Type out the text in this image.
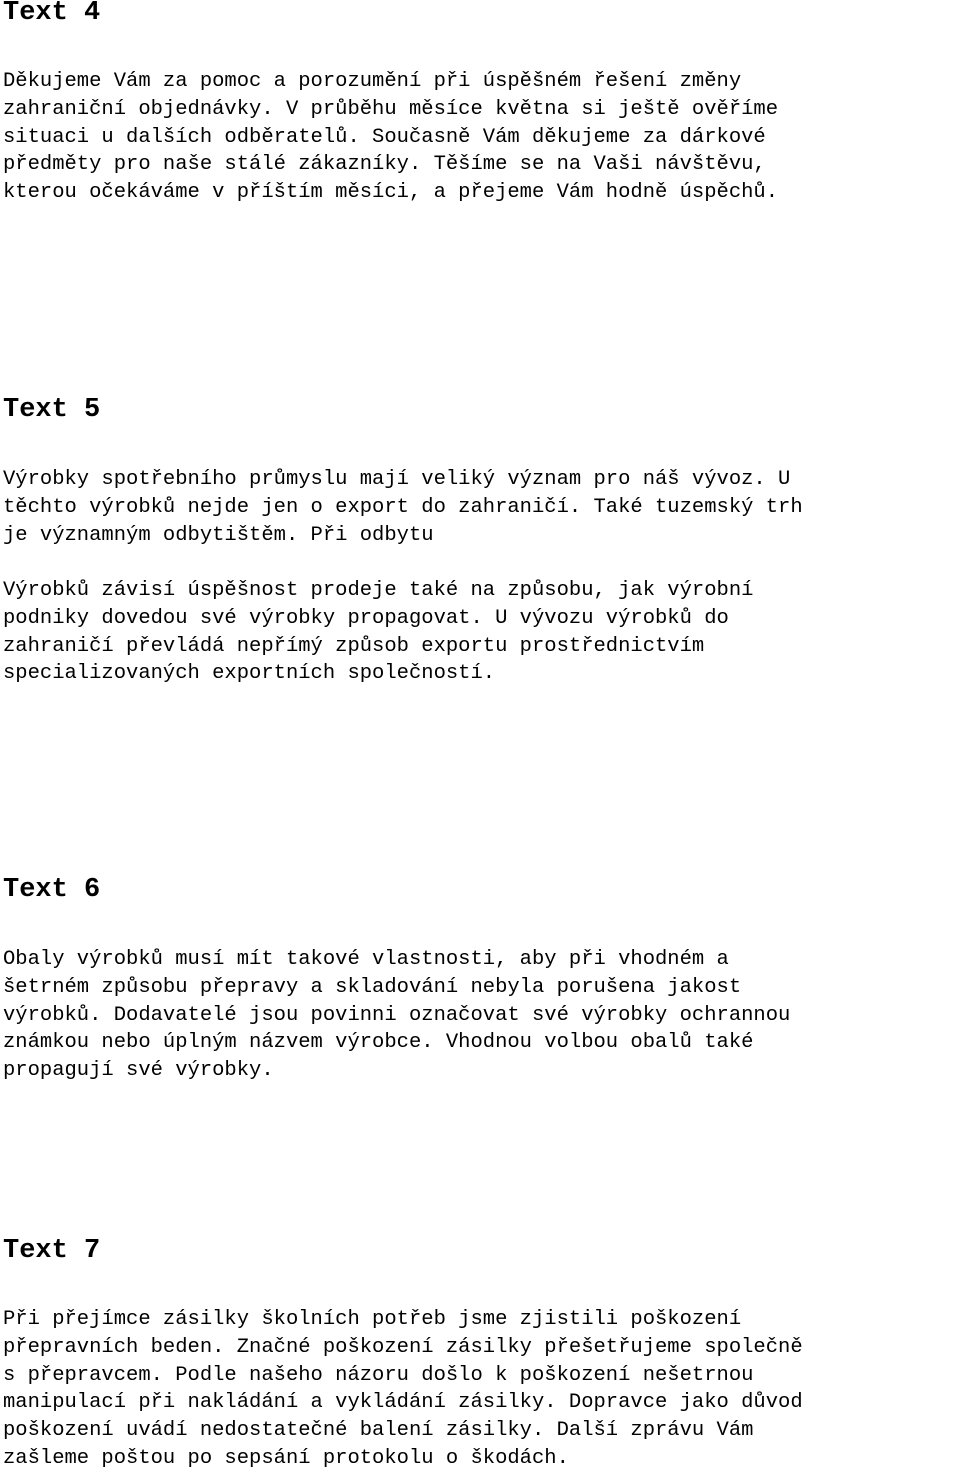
Text 4

Děkujeme Vám za pomoc a porozumění při úspěšném řešení změny
zahraniční objednávky. V průběhu měsíce května si ještě ověříme
situaci u dalších odběratelů. Současně Vám děkujeme za dárkové
předměty pro naše stálé zákazníky. Těšíme se na Vaši návštěvu,
kterou očekáváme v příštím měsíci, a přejeme Vám hodně úspěchů.

Text 5

Výrobky spotřebního průmyslu mají veliký význam pro náš vývoz. U
těchto výrobků nejde jen o export do zahraničí. Také tuzemský trh
je významným odbytištěm. Při odbytu

Výrobků závisí úspěšnost prodeje také na způsobu, jak výrobní
podniky dovedou své výrobky propagovat. U vývozu výrobků do
zahraničí převládá nepřímý způsob exportu prostřednictvím
specializovaných exportních společností.

Text 6

Obaly výrobků musí mít takové vlastnosti, aby při vhodném a
šetrném způsobu přepravy a skladování nebyla porušena jakost
výrobků. Dodavatelé jsou povinni označovat své výrobky ochrannou
známkou nebo úplným názvem výrobce. Vhodnou volbou obalů také
propagují své výrobky.

Text 7

Při přejímce zásilky školních potřeb jsme zjistili poškození
přepravních beden. Značné poškození zásilky přešetřujeme společně
s přepravcem. Podle našeho názoru došlo k poškození nešetrnou
manipulací při nakládání a vykládání zásilky. Dopravce jako důvod
poškození uvádí nedostatečné balení zásilky. Další zprávu Vám
zašleme poštou po sepsání protokolu o škodách.
